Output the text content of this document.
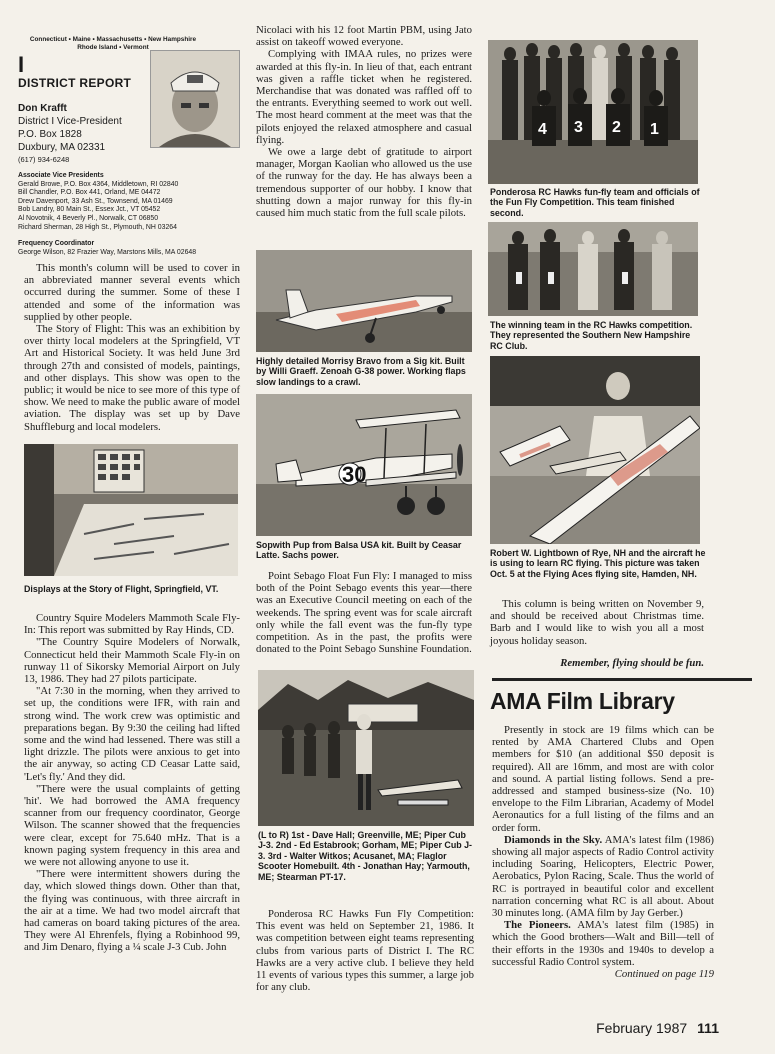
Connecticut • Maine • Massachusetts • New Hampshire
Rhode Island • Vermont
I
DISTRICT REPORT
Don Krafft
District I Vice-President
P.O. Box 1828
Duxbury, MA 02331
(617) 934-6248
Associate Vice Presidents
Gerald Browe, P.O. Box 4364, Middletown, RI 02840
Bill Chandler, P.O. Box 441, Orland, ME 04472
Drew Davenport, 33 Ash St., Townsend, MA 01469
Bob Landry, 80 Main St., Essex Jct., VT 05452
Al Novotnik, 4 Beverly Pl., Norwalk, CT 06850
Richard Sherman, 28 High St., Plymouth, NH 03264
Frequency Coordinator
George Wilson, 82 Frazier Way, Marstons Mills, MA 02648

This month's column will be used to cover in an abbreviated manner several events which occurred during the summer. Some of these I attended and some of the information was supplied by other people.

The Story of Flight: This was an exhibition by over thirty local modelers at the Springfield, VT Art and Historical Society. It was held June 3rd through 27th and consisted of models, paintings, and other displays. This show was open to the public; it would be nice to see more of this type of show. We need to make the public aware of model aviation. The display was set up by Dave Shuffleburg and local modelers.

Displays at the Story of Flight, Springfield, VT.

Country Squire Modelers Mammoth Scale Fly-In: This report was submitted by Ray Hinds, CD.

"The Country Squire Modelers of Norwalk, Connecticut held their Mammoth Scale Fly-in on runway 11 of Sikorsky Memorial Airport on July 13, 1986. They had 27 pilots participate.

"At 7:30 in the morning, when they arrived to set up, the conditions were IFR, with rain and strong wind. The work crew was optimistic and preparations began. By 9:30 the ceiling had lifted some and the wind had lessened. There was still a light drizzle. The pilots were anxious to get into the air anyway, so acting CD Ceasar Latte said, 'Let's fly.' And they did.

"There were the usual complaints of getting 'hit'. We had borrowed the AMA frequency scanner from our frequency coordinator, George Wilson. The scanner showed that the frequencies were clear, except for 75.640 mHz. That is a known paging system frequency in this area and we were not allowing anyone to use it.

"There were intermittent showers during the day, which slowed things down. Other than that, the flying was continuous, with three aircraft in the air at a time. We had two model aircraft that had cameras on board taking pictures of the area. They were Al Ehrenfels, flying a Robinhood 99, and Jim Denaro, flying a ¼ scale J-3 Cub. John

Nicolaci with his 12 foot Martin PBM, using Jato assist on takeoff wowed everyone.

Complying with IMAA rules, no prizes were awarded at this fly-in. In lieu of that, each entrant was given a raffle ticket when he registered. Merchandise that was donated was raffled off to the entrants. Everything seemed to work out well. The most heard comment at the meet was that the pilots enjoyed the relaxed atmosphere and casual flying.

We owe a large debt of gratitude to airport manager, Morgan Kaolian who allowed us the use of the runway for the day. He has always been a tremendous supporter of our hobby. I know that shutting down a major runway for this fly-in caused him much static from the full scale pilots.

Highly detailed Morrisy Bravo from a Sig kit. Built by Willi Graeff. Zenoah G-38 power. Working flaps slow landings to a crawl.
30
Sopwith Pup from Balsa USA kit. Built by Ceasar Latte. Sachs power.

Point Sebago Float Fun Fly: I managed to miss both of the Point Sebago events this year—there was an Executive Council meeting on each of the weekends. The spring event was for scale aircraft only while the fall event was the fun-fly type competition. As in the past, the profits were donated to the Point Sebago Sunshine Foundation.

(L to R) 1st - Dave Hall; Greenville, ME; Piper Cub J-3. 2nd - Ed Estabrook; Gorham, ME; Piper Cub J-3. 3rd - Walter Witkos; Acusanet, MA; Flaglor Scooter Homebuilt. 4th - Jonathan Hay; Yarmouth, ME; Stearman PT-17.

Ponderosa RC Hawks Fun Fly Competition: This event was held on September 21, 1986. It was competition between eight teams representing clubs from various parts of District I. The RC Hawks are a very active club. I believe they held 11 events of various types this summer, a large job for any club.

4 3 2 1
Ponderosa RC Hawks fun-fly team and officials of the Fun Fly Competition. This team finished second.
The winning team in the RC Hawks competition. They represented the Southern New Hampshire RC Club.
Robert W. Lightbown of Rye, NH and the aircraft he is using to learn RC flying. This picture was taken Oct. 5 at the Flying Aces flying site, Hamden, NH.

This column is being written on November 9, and should be received about Christmas time. Barb and I would like to wish you all a most joyous holiday season.

Remember, flying should be fun.
AMA Film Library

Presently in stock are 19 films which can be rented by AMA Chartered Clubs and Open members for $10 (an additional $50 deposit is required). All are 16mm, and most are with color and sound. A partial listing follows. Send a pre-addressed and stamped business-size (No. 10) envelope to the Film Librarian, Academy of Model Aeronautics for a full listing of the films and an order form.

Diamonds in the Sky. AMA's latest film (1986) showing all major aspects of Radio Control activity including Soaring, Helicopters, Electric Power, Aerobatics, Pylon Racing, Scale. Thus the world of RC is portrayed in beautiful color and excellent narration concerning what RC is all about. About 30 minutes long. (AMA film by Jay Gerber.)

The Pioneers. AMA's latest film (1985) in which the Good brothers—Walt and Bill—tell of their efforts in the 1930s and 1940s to develop a successful Radio Control system.

Continued on page 119
February 1987 111
